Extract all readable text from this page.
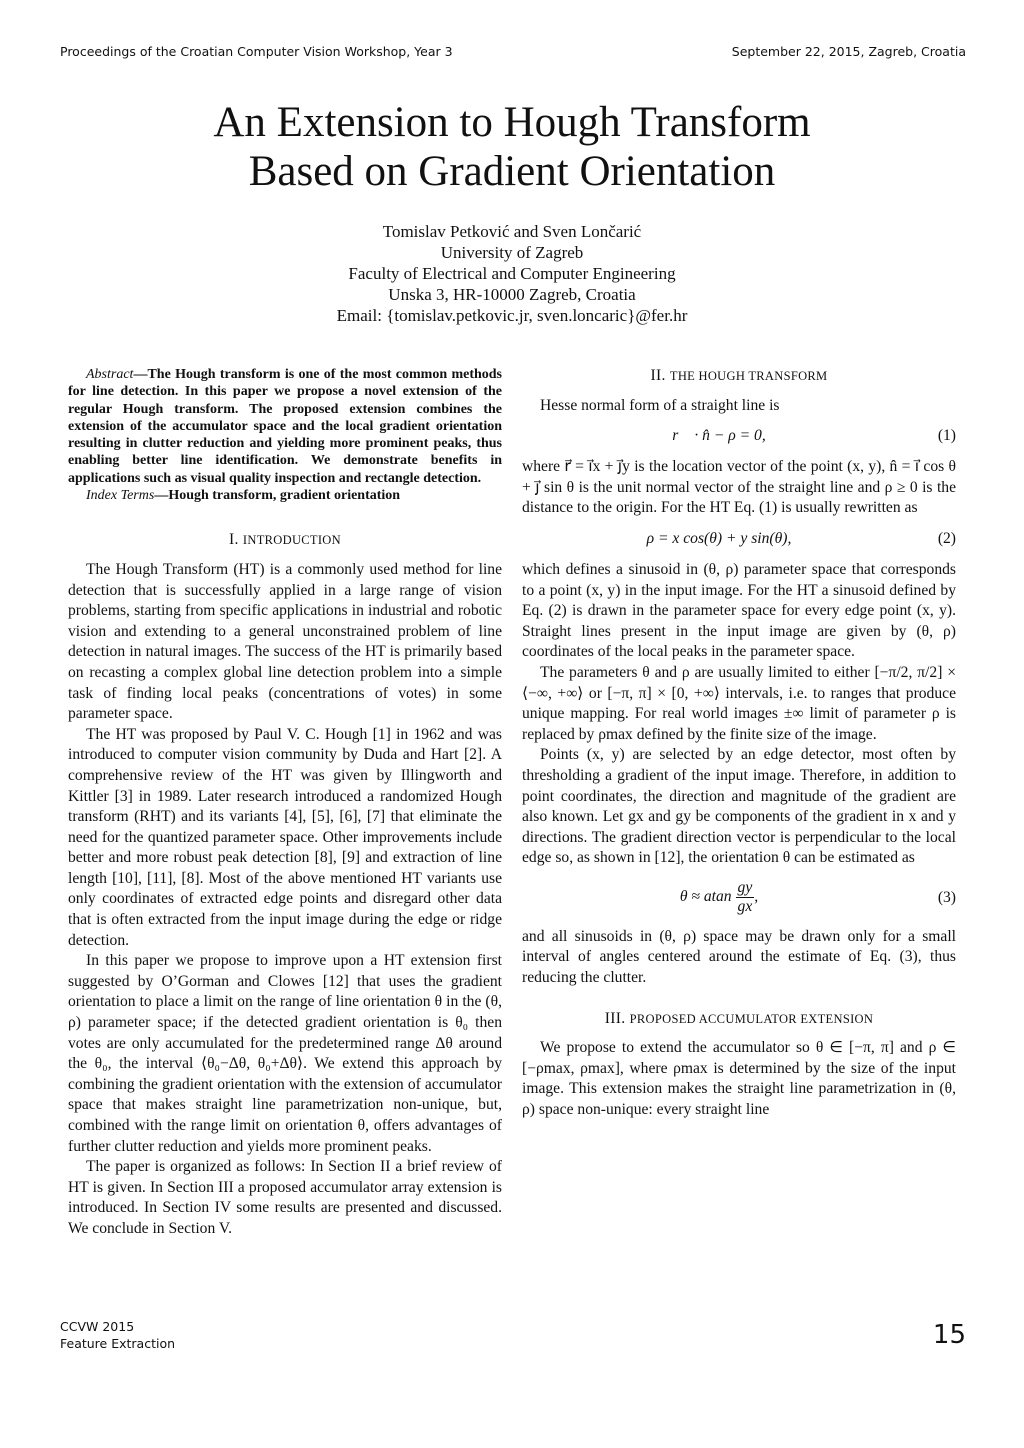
Proceedings of the Croatian Computer Vision Workshop, Year 3	September 22, 2015, Zagreb, Croatia
An Extension to Hough Transform
Based on Gradient Orientation
Tomislav Petković and Sven Lončarić
University of Zagreb
Faculty of Electrical and Computer Engineering
Unska 3, HR-10000 Zagreb, Croatia
Email: {tomislav.petkovic.jr, sven.loncaric}@fer.hr

Abstract—The Hough transform is one of the most common methods for line detection. In this paper we propose a novel extension of the regular Hough transform. The proposed extension combines the extension of the accumulator space and the local gradient orientation resulting in clutter reduction and yielding more prominent peaks, thus enabling better line identification. We demonstrate benefits in applications such as visual quality inspection and rectangle detection.

Index Terms—Hough transform, gradient orientation

I. INTRODUCTION

The Hough Transform (HT) is a commonly used method for line detection that is successfully applied in a large range of vision problems, starting from specific applications in industrial and robotic vision and extending to a general unconstrained problem of line detection in natural images. The success of the HT is primarily based on recasting a complex global line detection problem into a simple task of finding local peaks (concentrations of votes) in some parameter space.

The HT was proposed by Paul V. C. Hough [1] in 1962 and was introduced to computer vision community by Duda and Hart [2]. A comprehensive review of the HT was given by Illingworth and Kittler [3] in 1989. Later research introduced a randomized Hough transform (RHT) and its variants [4], [5], [6], [7] that eliminate the need for the quantized parameter space. Other improvements include better and more robust peak detection [8], [9] and extraction of line length [10], [11], [8]. Most of the above mentioned HT variants use only coordinates of extracted edge points and disregard other data that is often extracted from the input image during the edge or ridge detection.

In this paper we propose to improve upon a HT extension first suggested by O’Gorman and Clowes [12] that uses the gradient orientation to place a limit on the range of line orientation θ in the (θ, ρ) parameter space; if the detected gradient orientation is θ₀ then votes are only accumulated for the predetermined range Δθ around the θ₀, the interval ⟨θ₀−Δθ, θ₀+Δθ⟩. We extend this approach by combining the gradient orientation with the extension of accumulator space that makes straight line parametrization non-unique, but, combined with the range limit on orientation θ, offers advantages of further clutter reduction and yields more prominent peaks.

The paper is organized as follows: In Section II a brief review of HT is given. In Section III a proposed accumulator array extension is introduced. In Section IV some results are presented and discussed. We conclude in Section V.

II. THE HOUGH TRANSFORM

Hesse normal form of a straight line is

r⃗ · n̂ − ρ = 0,	(1)

where r⃗ = i⃗x + j⃗y is the location vector of the point (x, y), n̂ = i⃗ cos θ + j⃗ sin θ is the unit normal vector of the straight line and ρ ≥ 0 is the distance to the origin. For the HT Eq. (1) is usually rewritten as

ρ = x cos(θ) + y sin(θ),	(2)

which defines a sinusoid in (θ, ρ) parameter space that corresponds to a point (x, y) in the input image. For the HT a sinusoid defined by Eq. (2) is drawn in the parameter space for every edge point (x, y). Straight lines present in the input image are given by (θ, ρ) coordinates of the local peaks in the parameter space.

The parameters θ and ρ are usually limited to either [−π/2, π/2] × ⟨−∞, +∞⟩ or [−π, π] × [0, +∞⟩ intervals, i.e. to ranges that produce unique mapping. For real world images ±∞ limit of parameter ρ is replaced by ρmax defined by the finite size of the image.

Points (x, y) are selected by an edge detector, most often by thresholding a gradient of the input image. Therefore, in addition to point coordinates, the direction and magnitude of the gradient are also known. Let gx and gy be components of the gradient in x and y directions. The gradient direction vector is perpendicular to the local edge so, as shown in [12], the orientation θ can be estimated as

θ ≈ atan $\frac{gy}{gx}$ ,	(3)

and all sinusoids in (θ, ρ) space may be drawn only for a small interval of angles centered around the estimate of Eq. (3), thus reducing the clutter.

III. PROPOSED ACCUMULATOR EXTENSION

We propose to extend the accumulator so θ ∈ [−π, π] and ρ ∈ [−ρmax, ρmax], where ρmax is determined by the size of the input image. This extension makes the straight line parametrization in (θ, ρ) space non-unique: every straight line

CCVW 2015
Feature Extraction	15
